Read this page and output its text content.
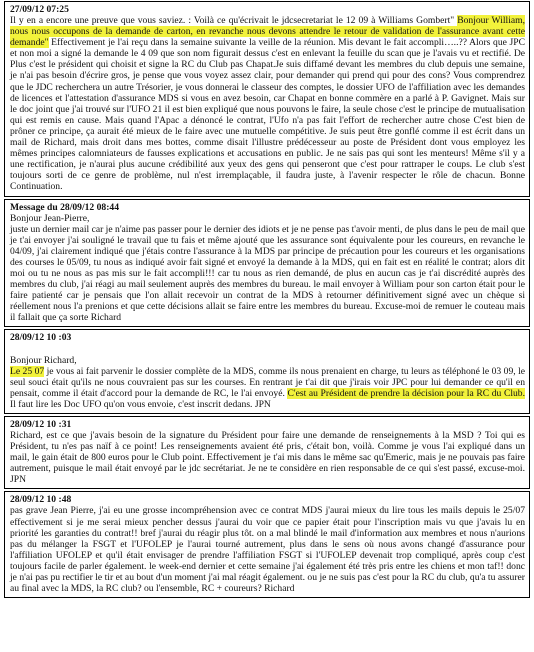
27/09/12 07:25
Il y en a encore une preuve que vous saviez. : Voilà ce qu'écrivait le jdcsecretariat le 12 09 à Williams Gombert" Bonjour William, nous nous occupons de la demande de carton, en revanche nous devons attendre le retour de validation de l'assurance avant cette demande" Effectivement je l'ai reçu dans la semaine suivante la veille de la réunion. Mis devant le fait accompli…..?? Alors que JPC et non moi a signé la demande le 4 09 que son nom figurait dessus c'est en enlevant la feuille du scan que je l'avais vu et rectifié. De Plus c'est le président qui choisit et signe la RC du Club pas Chapat.Je suis diffamé devant les membres du club depuis une semaine, je n'ai pas besoin d'écrire gros, je pense que vous voyez assez clair, pour demander qui prend qui pour des cons? Vous comprendrez que le JDC recherchera un autre Trésorier, je vous donnerai le classeur des comptes, le dossier UFO de l'affiliation avec les demandes de licences et l'attestation d'assurance MDS si vous en avez besoin, car Chapat en bonne commère en a parlé à P. Gavignet. Mais sur le doc joint que j'ai trouvé sur l'UFO 21 il est bien expliqué que nous pouvons le faire, la seule chose c'est le principe de mutualisation qui est remis en cause. Mais quand l'Apac a dénoncé le contrat, l'Ufo n'a pas fait l'effort de rechercher autre chose C'est bien de prôner ce principe, ça aurait été mieux de le faire avec une mutuelle compétitive. Je suis peut être gonflé comme il est écrit dans un mail de Richard, mais droit dans mes bottes, comme disait l'illustre prédécesseur au poste de Président dont vous employez les mêmes principes calomniateurs de fausses explications et accusations en public. Je ne sais pas qui sont les menteurs! Même s'il y a une rectification, je n'aurai plus aucune crédibilité aux yeux des gens qui penseront que c'est pour rattraper le coups. Le club s'est toujours sorti de ce genre de problème, nul n'est irremplaçable, il faudra juste, à l'avenir respecter le rôle de chacun. Bonne Continuation.
Message du 28/09/12 08:44
Bonjour Jean-Pierre,
juste un dernier mail car je n'aime pas passer pour le dernier des idiots et je ne pense pas t'avoir menti, de plus dans le peu de mail que je t'ai envoyer j'ai souligné le travail que tu fais et même ajouté que les assurance sont équivalente pour les coureurs, en revanche le 04/09, j'ai clairement indiqué que j'étais contre l'assurance à la MDS par principe de précaution pour les coureurs et les organisations des courses le 05/09, tu nous as indiqué avoir fait signé et envoyé la demande à la MDS, qui en fait est en réalité le contrat; alors dit moi ou tu ne nous as pas mis sur le fait accompli!!! car tu nous as rien demandé, de plus en aucun cas je t'ai discrédité auprès des membres du club, j'ai réagi au mail seulement auprès des membres du bureau. le mail envoyer à William pour son carton était pour le faire patienté car je pensais que l'on allait recevoir un contrat de la MDS à retourner définitivement signé avec un chèque si réellement nous l'a prenions et que cette décisions allait se faire entre les membres du bureau. Excuse-moi de remuer le couteau mais il fallait que ça sorte Richard
28/09/12 10 :03

Bonjour Richard,
Le 25 07 je vous ai fait parvenir le dossier complète de la MDS, comme ils nous prenaient en charge, tu leurs as téléphoné le 03 09, le seul souci était qu'ils ne nous couvraient pas sur les courses. En rentrant je t'ai dit que j'irais voir JPC pour lui demander ce qu'il en pensait, comme il était d'accord pour la demande de RC, le l'ai envoyé. C'est au Président de prendre la décision pour la RC du Club. Il faut lire les Doc UFO qu'on vous envoie, c'est inscrit dedans. JPN

28/09/12 10 :31
Richard, est ce que j'avais besoin de la signature du Président pour faire une demande de renseignements à la MSD ? Toi qui es Président, tu n'es pas naïf à ce point! Les renseignements avaient été pris, c'était bon, voilà. Comme je vous l'ai expliqué dans un mail, le gain était de 800 euros pour le Club point. Effectivement je t'ai mis dans le même sac qu'Emeric, mais je ne pouvais pas faire autrement, puisque le mail était envoyé par le jdc secrétariat. Je ne te considère en rien responsable de ce qui s'est passé, excuse-moi. JPN
28/09/12 10 :48
pas grave Jean Pierre, j'ai eu une grosse incompréhension avec ce contrat MDS j'aurai mieux du lire tous les mails depuis le 25/07 effectivement si je me serai mieux pencher dessus j'aurai du voir que ce papier était pour l'inscription mais vu que j'avais lu en priorité les garanties du contrat!! bref j'aurai du réagir plus tôt. on a mal blindé le mail d'information aux membres et nous n'aurions pas du mélanger la FSGT et l'UFOLEP je l'aurai tourné autrement, plus dans le sens où nous avons changé d'assurance pour l'affiliation UFOLEP et qu'il était envisager de prendre l'affiliation FSGT si l'UFOLEP devenait trop compliqué, après coup c'est toujours facile de parler également. le week-end dernier et cette semaine j'ai également été très pris entre les chiens et mon taf!! donc je n'ai pas pu rectifier le tir et au bout d'un moment j'ai mal réagit également. ou je ne suis pas c'est pour la RC du club, qu'a tu assurer au final avec la MDS, la RC club? ou l'ensemble, RC + coureurs? Richard
